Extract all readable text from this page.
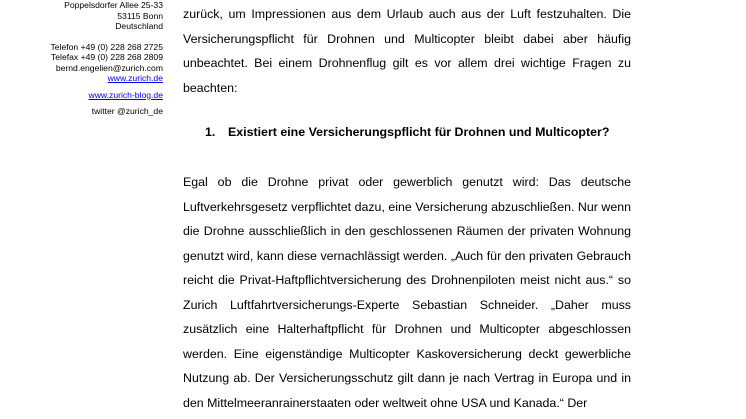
Poppelsdorfer Allee 25-33
53115 Bonn
Deutschland
Telefon +49 (0) 228 268 2725
Telefax +49 (0) 228 268 2809
bernd.engelien@zurich.com
www.zurich.de
www.zurich-blog.de
twitter @zurich_de

zurück, um Impressionen aus dem Urlaub auch aus der Luft festzuhalten. Die Versicherungspflicht für Drohnen und Multicopter bleibt dabei aber häufig unbeachtet. Bei einem Drohnenflug gilt es vor allem drei wichtige Fragen zu beachten:

1. Existiert eine Versicherungspflicht für Drohnen und Multicopter?

Egal ob die Drohne privat oder gewerblich genutzt wird: Das deutsche Luftverkehrsgesetz verpflichtet dazu, eine Versicherung abzuschließen. Nur wenn die Drohne ausschließlich in den geschlossenen Räumen der privaten Wohnung genutzt wird, kann diese vernachlässigt werden. „Auch für den privaten Gebrauch reicht die Privat-Haftpflichtversicherung des Drohnenpiloten meist nicht aus.“ so Zurich Luftfahrtversicherungs-Experte Sebastian Schneider. „Daher muss zusätzlich eine Halterhaftpflicht für Drohnen und Multicopter abgeschlossen werden. Eine eigenständige Multicopter Kaskoversicherung deckt gewerbliche Nutzung ab. Der Versicherungsschutz gilt dann je nach Vertrag in Europa und in den Mittelmeeranrainerstaaten oder weltweit ohne USA und Kanada.“ Der
